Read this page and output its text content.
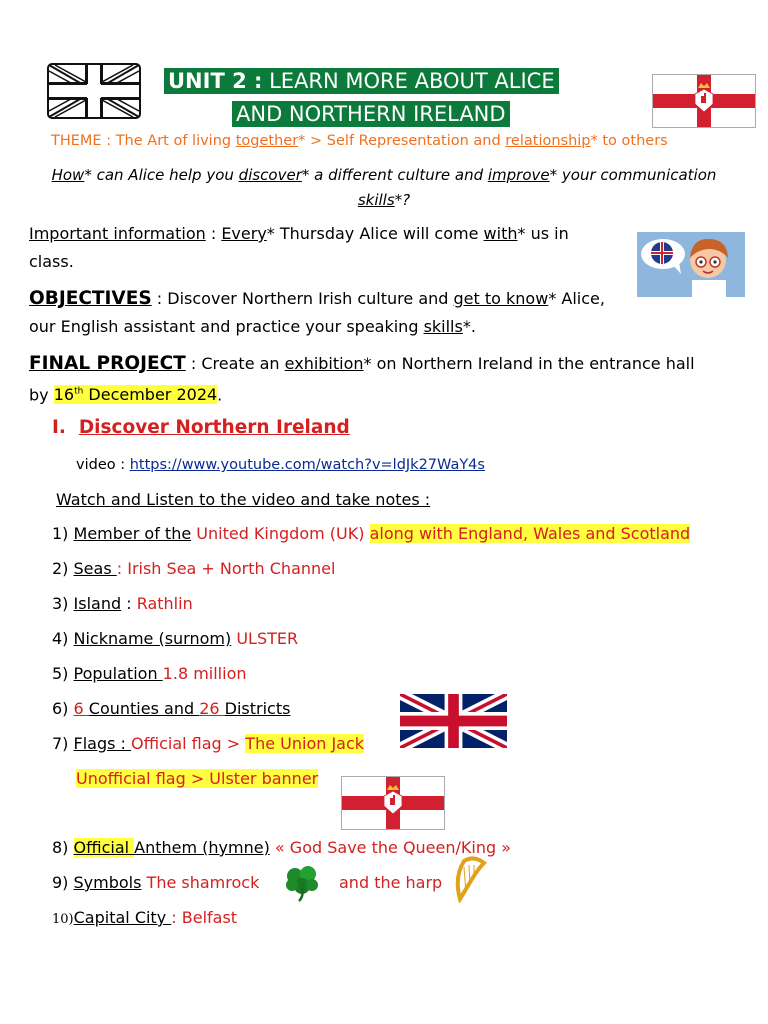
UNIT 2 : LEARN MORE ABOUT ALICE
AND NORTHERN IRELAND
THEME : The Art of living together* > Self Representation and relationship* to others
How* can Alice help you discover* a different culture and improve* your communication
skills*?
Important information : Every* Thursday Alice will come with* us in
class.
OBJECTIVES : Discover Northern Irish culture and get to know* Alice,
our English assistant and practice your speaking skills*.
FINAL PROJECT : Create an exhibition* on Northern Ireland in the entrance hall
by 16th December 2024.
I. Discover Northern Ireland
video : https://www.youtube.com/watch?v=ldJk27WaY4s
Watch and Listen to the video and take notes :
1) Member of the United Kingdom (UK) along with England, Wales and Scotland
2) Seas : Irish Sea + North Channel
3) Island : Rathlin
4) Nickname (surnom) ULSTER
5) Population 1.8 million
6) 6 Counties and 26 Districts
7) Flags : Official flag > The Union Jack
Unofficial flag > Ulster banner
8) Official Anthem (hymne) « God Save the Queen/King »
9) Symbols The shamrock	and the harp
10)Capital City : Belfast
